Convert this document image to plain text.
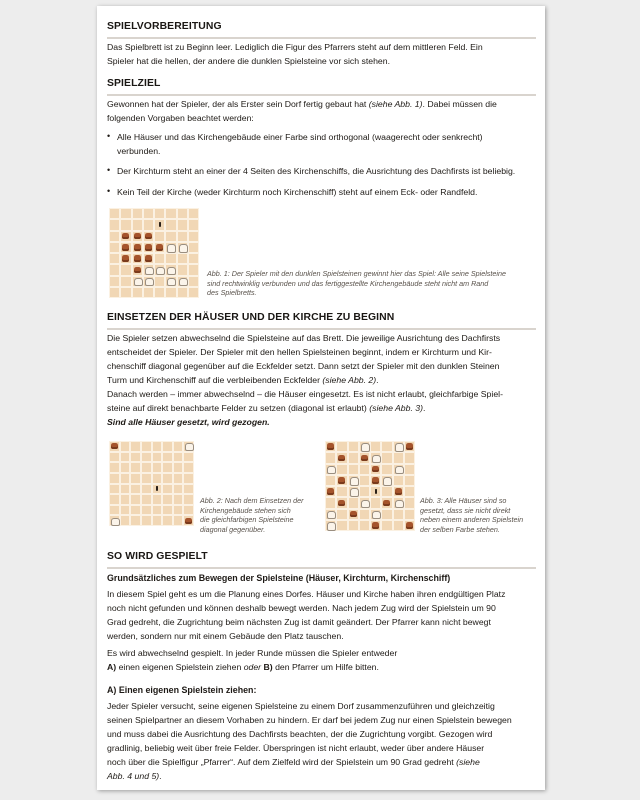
SPIELVORBEREITUNG
Das Spielbrett ist zu Beginn leer. Lediglich die Figur des Pfarrers steht auf dem mittleren Feld. Ein
Spieler hat die hellen, der andere die dunklen Spielsteine vor sich stehen.
SPIELZIEL
Gewonnen hat der Spieler, der als Erster sein Dorf fertig gebaut hat (siehe Abb. 1). Dabei müssen die
folgenden Vorgaben beachtet werden:
• Alle Häuser und das Kirchengebäude einer Farbe sind orthogonal (waagerecht oder senkrecht)
verbunden.
• Der Kirchturm steht an einer der 4 Seiten des Kirchenschiffs, die Ausrichtung des Dachfirsts ist beliebig.
• Kein Teil der Kirche (weder Kirchturm noch Kirchenschiff) steht auf einem Eck- oder Randfeld.
Abb. 1: Der Spieler mit den dunklen Spielsteinen gewinnt hier das Spiel: Alle seine Spielsteine
sind rechtwinklig verbunden und das fertiggestellte Kirchengebäude steht nicht am Rand
des Spielbretts.
EINSETZEN DER HÄUSER UND DER KIRCHE ZU BEGINN
Die Spieler setzen abwechselnd die Spielsteine auf das Brett. Die jeweilige Ausrichtung des Dachfirsts
entscheidet der Spieler. Der Spieler mit den hellen Spielsteinen beginnt, indem er Kirchturm und Kir-
chenschiff diagonal gegenüber auf die Eckfelder setzt. Dann setzt der Spieler mit den dunklen Steinen
Turm und Kirchenschiff auf die verbleibenden Eckfelder (siehe Abb. 2).
Danach werden – immer abwechselnd – die Häuser eingesetzt. Es ist nicht erlaubt, gleichfarbige Spiel-
steine auf direkt benachbarte Felder zu setzen (diagonal ist erlaubt) (siehe Abb. 3).
Sind alle Häuser gesetzt, wird gezogen.
Abb. 2: Nach dem Einsetzen der
Kirchengebäude stehen sich
die gleichfarbigen Spielsteine
diagonal gegenüber.
Abb. 3: Alle Häuser sind so
gesetzt, dass sie nicht direkt
neben einem anderen Spielstein
der selben Farbe stehen.
SO WIRD GESPIELT
Grundsätzliches zum Bewegen der Spielsteine (Häuser, Kirchturm, Kirchenschiff)
In diesem Spiel geht es um die Planung eines Dorfes. Häuser und Kirche haben ihren endgültigen Platz
noch nicht gefunden und können deshalb bewegt werden. Nach jedem Zug wird der Spielstein um 90
Grad gedreht, die Zugrichtung beim nächsten Zug ist damit geändert. Der Pfarrer kann nicht bewegt
werden, sondern nur mit einem Gebäude den Platz tauschen.
Es wird abwechselnd gespielt. In jeder Runde müssen die Spieler entweder
A) einen eigenen Spielstein ziehen oder B) den Pfarrer um Hilfe bitten.
A) Einen eigenen Spielstein ziehen:
Jeder Spieler versucht, seine eigenen Spielsteine zu einem Dorf zusammenzuführen und gleichzeitig
seinen Spielpartner an diesem Vorhaben zu hindern. Er darf bei jedem Zug nur einen Spielstein bewegen
und muss dabei die Ausrichtung des Dachfirsts beachten, der die Zugrichtung vorgibt. Gezogen wird
gradlinig, beliebig weit über freie Felder. Überspringen ist nicht erlaubt, weder über andere Häuser
noch über die Spielfigur „Pfarrer“. Auf dem Zielfeld wird der Spielstein um 90 Grad gedreht (siehe
Abb. 4 und 5).
